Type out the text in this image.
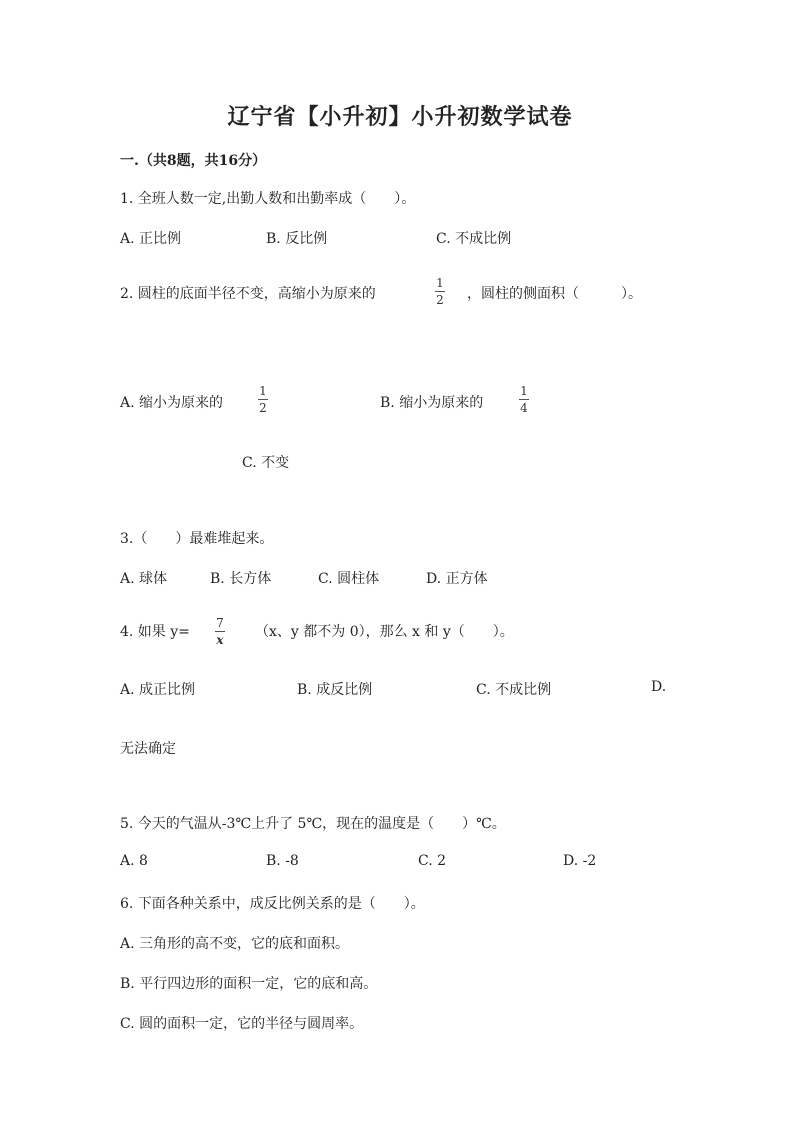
辽宁省【小升初】小升初数学试卷
一.（共8题，共16分）
1. 全班人数一定,出勤人数和出勤率成（　　）。
A. 正比例	B. 反比例	C. 不成比例
2. 圆柱的底面半径不变，高缩小为原来的
1
2 ，圆柱的侧面积（　　　）。
A. 缩小为原来的
1
2	B. 缩小为原来的
1
4
C. 不变
3.（　　）最难堆起来。
A. 球体	B. 长方体	C. 圆柱体	D. 正方体
4. 如果 y=
7
x （x、y 都不为 0），那么 x 和 y（　　）。
A. 成正比例	B. 成反比例	C. 不成比例	D.
无法确定
5. 今天的气温从-3℃上升了 5℃，现在的温度是（　　）℃。
A. 8	B. -8	C. 2	D. -2
6. 下面各种关系中，成反比例关系的是（　　）。
A. 三角形的高不变，它的底和面积。
B. 平行四边形的面积一定，它的底和高。
C. 圆的面积一定，它的半径与圆周率。
